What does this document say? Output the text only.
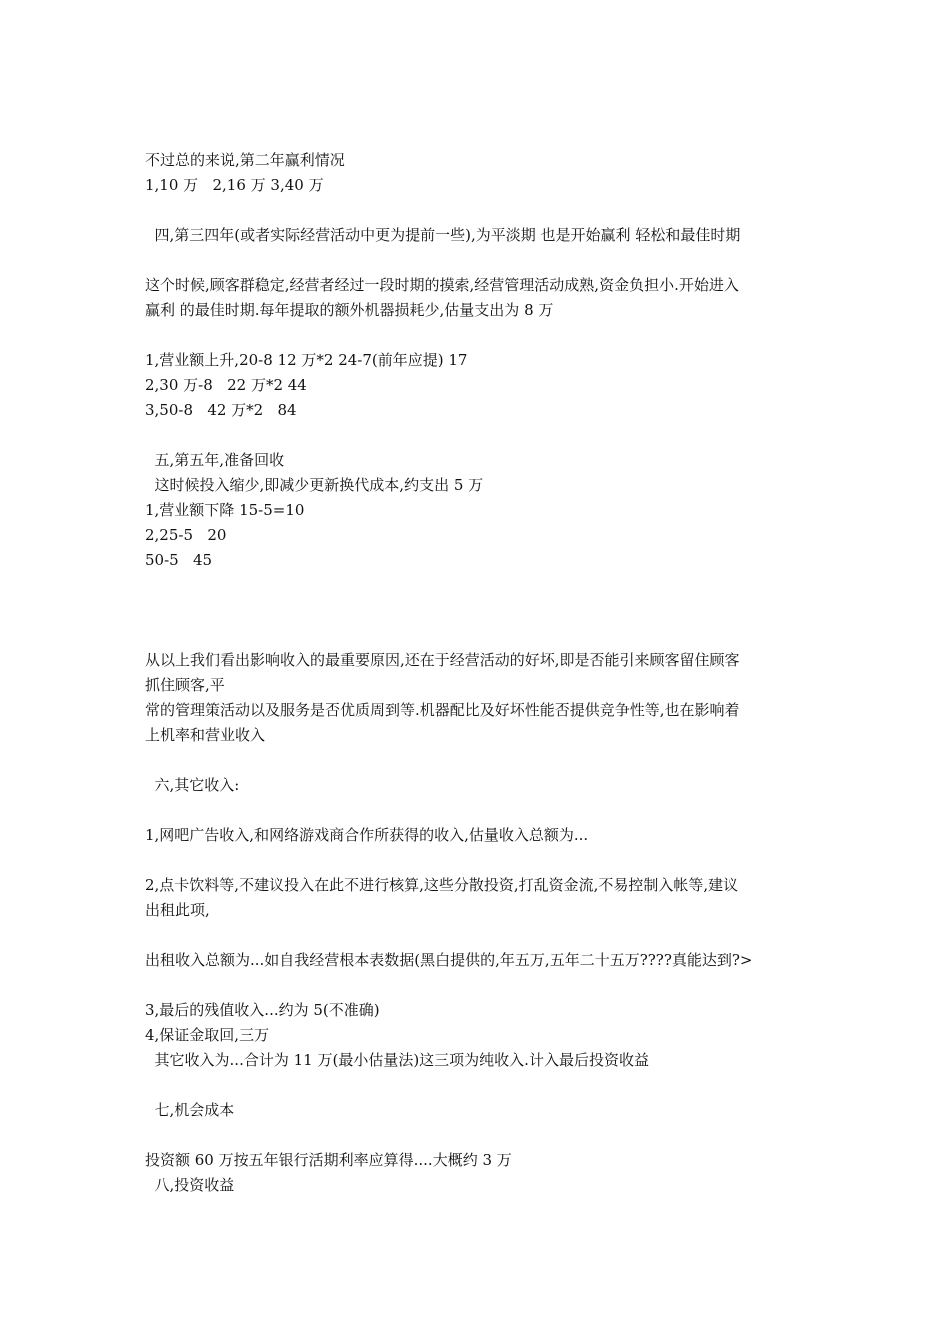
不过总的来说,第二年赢利情况
1,10 万   2,16 万 3,40 万
四,第三四年(或者实际经营活动中更为提前一些),为平淡期 也是开始赢利 轻松和最佳时期
这个时候,顾客群稳定,经营者经过一段时期的摸索,经营管理活动成熟,资金负担小.开始进入
赢利 的最佳时期.每年提取的额外机器损耗少,估量支出为 8 万
1,营业额上升,20-8 12 万*2 24-7(前年应提) 17
2,30 万-8   22 万*2 44
3,50-8   42 万*2   84
五,第五年,准备回收
这时候投入缩少,即减少更新换代成本,约支出 5 万
1,营业额下降 15-5=10
2,25-5   20
50-5   45
从以上我们看出影响收入的最重要原因,还在于经营活动的好坏,即是否能引来顾客留住顾客
抓住顾客,平
常的管理策活动以及服务是否优质周到等.机器配比及好坏性能否提供竞争性等,也在影响着
上机率和营业收入
六,其它收入:
1,网吧广告收入,和网络游戏商合作所获得的收入,估量收入总额为...
2,点卡饮料等,不建议投入在此不进行核算,这些分散投资,打乱资金流,不易控制入帐等,建议
出租此项,
出租收入总额为...如自我经营根本表数据(黑白提供的,年五万,五年二十五万????真能达到?>
3,最后的残值收入...约为 5(不准确)
4,保证金取回,三万
其它收入为...合计为 11 万(最小估量法)这三项为纯收入.计入最后投资收益
七,机会成本
投资额 60 万按五年银行活期利率应算得....大概约 3 万
八,投资收益
